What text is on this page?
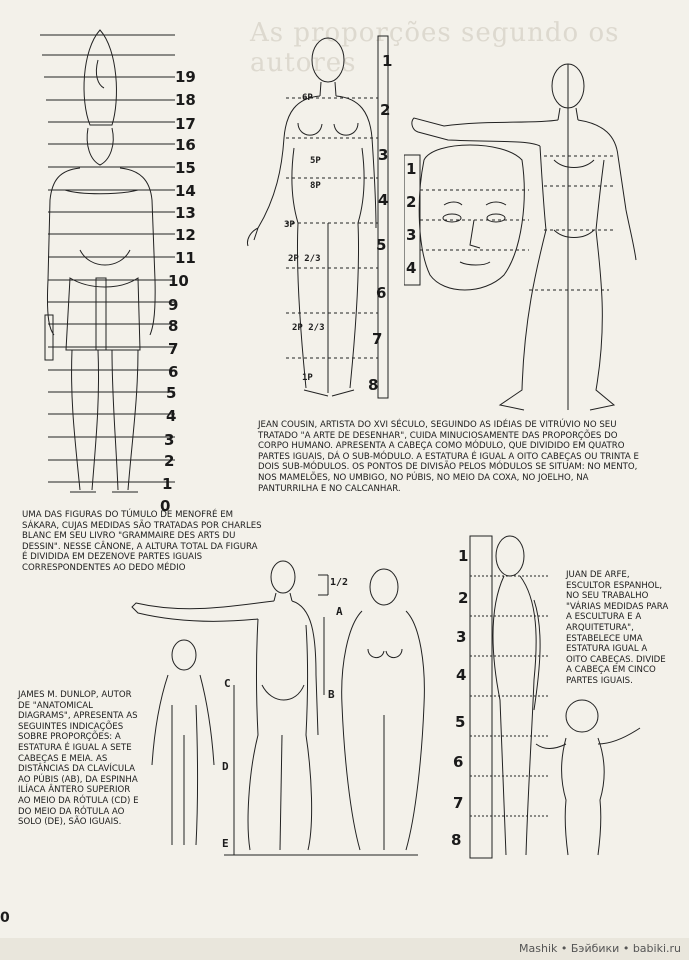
As proporções segundo os autores
19
18
17
16
15
14
13
12
11
10
9
8
7
6
5
4
3
2
1
0

UMA DAS FIGURAS DO TÚMULO DE MENOFRÉ EM SÁKARA, CUJAS MEDIDAS SÃO TRATADAS POR CHARLES BLANC EM SEU LIVRO "GRAMMAIRE DES ARTS DU DESSIN". NESSE CÂNONE, A ALTURA TOTAL DA FIGURA É DIVIDIDA EM DEZENOVE PARTES IGUAIS CORRESPONDENTES AO DEDO MÉDIO

6P
5P
8P
3P
2P 2/3
2P 2/3
1P
1
2
3
4
5
6
7
8
1
2
3
4

JEAN COUSIN, ARTISTA DO XVI SÉCULO, SEGUINDO AS IDÉIAS DE VITRÚVIO NO SEU TRATADO "A ARTE DE DESENHAR", CUIDA MINUCIOSAMENTE DAS PROPORÇÕES DO CORPO HUMANO. APRESENTA A CABEÇA COMO MÓDULO, QUE DIVIDIDO EM QUATRO PARTES IGUAIS, DÁ O SUB-MÓDULO. A ESTATURA É IGUAL A OITO CABEÇAS OU TRINTA E DOIS SUB-MÓDULOS. OS PONTOS DE DIVISÃO PELOS MÓDULOS SE SITUAM: NO MENTO, NOS MAMELÕES, NO UMBIGO, NO PÚBIS, NO MEIO DA COXA, NO JOELHO, NA PANTURRILHA E NO CALCANHAR.

A
B
C
D
E
1/2

JAMES M. DUNLOP, AUTOR DE "ANATOMICAL DIAGRAMS", APRESENTA AS SEGUINTES INDICAÇÕES SOBRE PROPORÇÕES: A ESTATURA É IGUAL A SETE CABEÇAS E MEIA. AS DISTÂNCIAS DA CLAVÍCULA AO PÚBIS (AB), DA ESPINHA ILÍACA ÂNTERO SUPERIOR AO MEIO DA RÓTULA (CD) E DO MEIO DA RÓTULA AO SOLO (DE), SÃO IGUAIS.

1
2
3
4
5
6
7
8

JUAN DE ARFE, ESCULTOR ESPANHOL, NO SEU TRABALHO "VÁRIAS MEDIDAS PARA A ESCULTURA E A ARQUITETURA", ESTABELECE UMA ESTATURA IGUAL A OITO CABEÇAS. DIVIDE A CABEÇA EM CINCO PARTES IGUAIS.

0
Mashik • Бэйбики • babiki.ru
